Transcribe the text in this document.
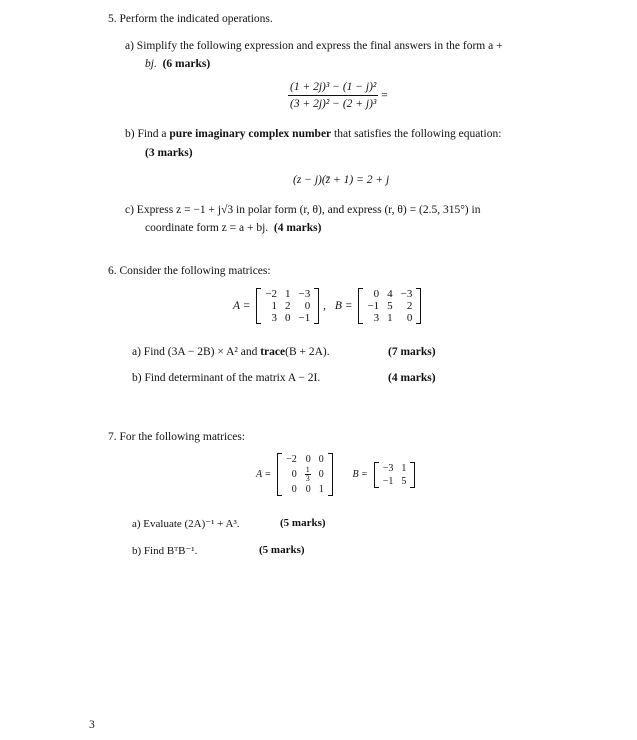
5. Perform the indicated operations.
a) Simplify the following expression and express the final answers in the form a +
bj. (6 marks)
$\frac{\text{(1 + 2j)³ − (1 − j)²}}{\text{(3 + 2j)² − (2 + j)³}}$ =
b) Find a pure imaginary complex number that satisfies the following equation:
(3 marks)
(z − j)(z̄ + 1) = 2 + j
c) Express z = −1 + j√3 in polar form (r, θ), and express (r, θ) = (2.5, 315°) in
coordinate form z = a + bj. (4 marks)
6. Consider the following matrices:
A =
−2	1	−3
1	2	0
3	0	−1
, B =
0	4	−3
−1	5	2
3	1	0
a) Find (3A − 2B) × A² and trace(B + 2A).	(7 marks)
b) Find determinant of the matrix A − 2I.	(4 marks)
7. For the following matrices:
A =
−2	0	0
0	$\frac{1}{3}$	0
0	0	1
B =
−3	1
−1	5
a) Evaluate (2A)⁻¹ + A³.	(5 marks)
b) Find BᵀB⁻¹.	(5 marks)
3
